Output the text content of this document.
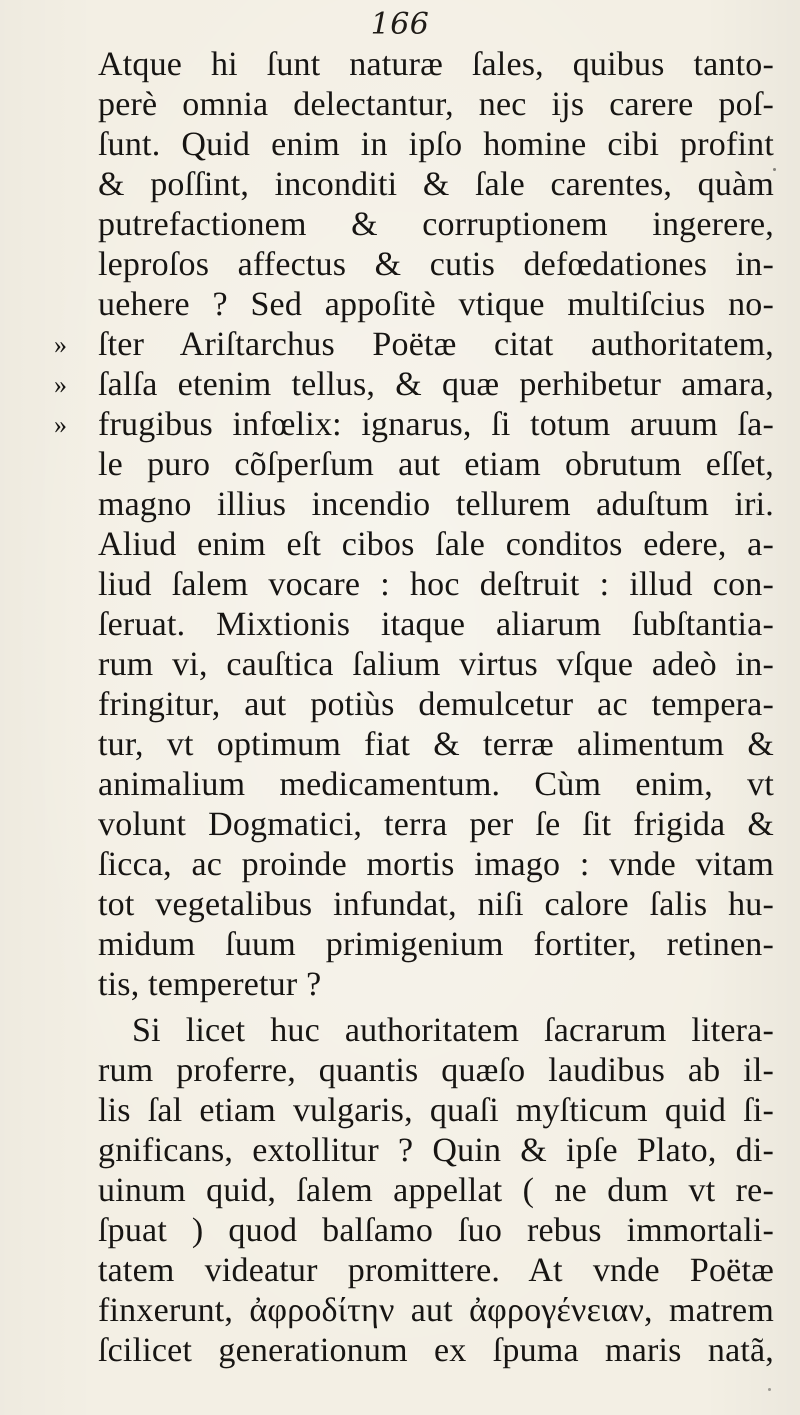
166
Atque hi ſunt naturæ ſales, quibus tanto-
perè omnia delectantur, nec ijs carere poſ-
ſunt. Quid enim in ipſo homine cibi profint
& poſſint, inconditi & ſale carentes, quàm
putrefactionem & corruptionem ingerere,
leproſos affectus & cutis defœdationes in-
uehere ? Sed appoſitè vtique multiſcius no-
» ſter Ariſtarchus Poëtæ citat authoritatem,
» ſalſa etenim tellus, & quæ perhibetur amara,
» frugibus infœlix: ignarus, ſi totum aruum ſa-
le puro cõſperſum aut etiam obrutum eſſet,
magno illius incendio tellurem aduſtum iri.
Aliud enim eſt cibos ſale conditos edere, a-
liud ſalem vocare : hoc deſtruit : illud con-
ſeruat. Mixtionis itaque aliarum ſubſtantia-
rum vi, cauſtica ſalium virtus vſque adeò in-
fringitur, aut potiùs demulcetur ac tempera-
tur, vt optimum fiat & terræ alimentum &
animalium medicamentum. Cùm enim, vt
volunt Dogmatici, terra per ſe ſit frigida &
ſicca, ac proinde mortis imago : vnde vitam
tot vegetalibus infundat, niſi calore ſalis hu-
midum ſuum primigenium fortiter, retinen-
tis, temperetur ?
Si licet huc authoritatem ſacrarum litera-
rum proferre, quantis quæſo laudibus ab il-
lis ſal etiam vulgaris, quaſi myſticum quid ſi-
gnificans, extollitur ? Quin & ipſe Plato, di-
uinum quid, ſalem appellat ( ne dum vt re-
ſpuat ) quod balſamo ſuo rebus immortali-
tatem videatur promittere. At vnde Poëtæ
finxerunt, ἀφροδίτην aut ἀφρογένειαν, matrem
ſcilicet generationum ex ſpuma maris natã,
